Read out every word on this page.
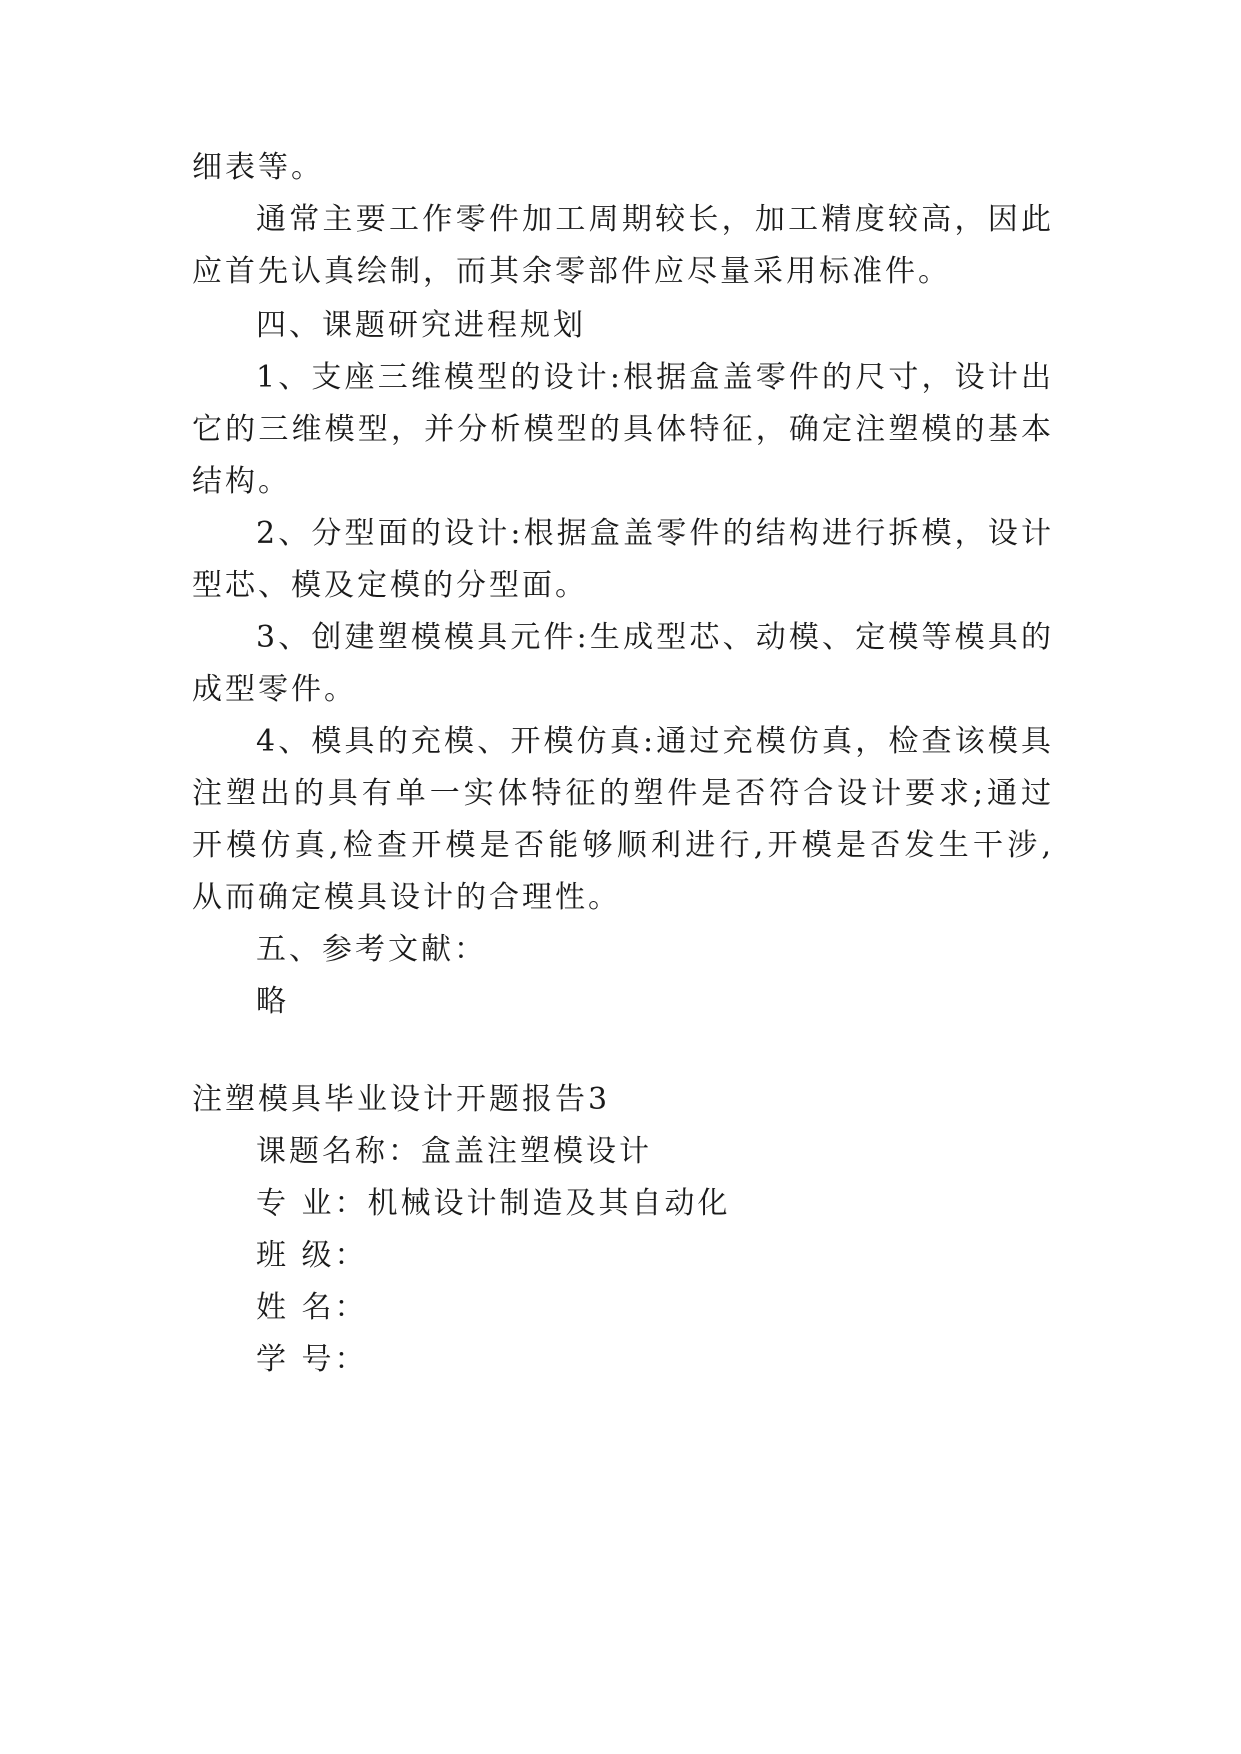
细表等。
通常主要工作零件加工周期较长，加工精度较高，因此
应首先认真绘制，而其余零部件应尽量采用标准件。
四、课题研究进程规划
1、支座三维模型的设计:根据盒盖零件的尺寸，设计出
它的三维模型，并分析模型的具体特征，确定注塑模的基本
结构。
2、分型面的设计:根据盒盖零件的结构进行拆模，设计
型芯、模及定模的分型面。
3、创建塑模模具元件:生成型芯、动模、定模等模具的
成型零件。
4、模具的充模、开模仿真:通过充模仿真，检查该模具
注塑出的具有单一实体特征的塑件是否符合设计要求;通过
开模仿真,检查开模是否能够顺利进行,开模是否发生干涉,
从而确定模具设计的合理性。
五、参考文献：
略
注塑模具毕业设计开题报告3
课题名称：盒盖注塑模设计
专 业：机械设计制造及其自动化
班 级：
姓 名：
学 号：
